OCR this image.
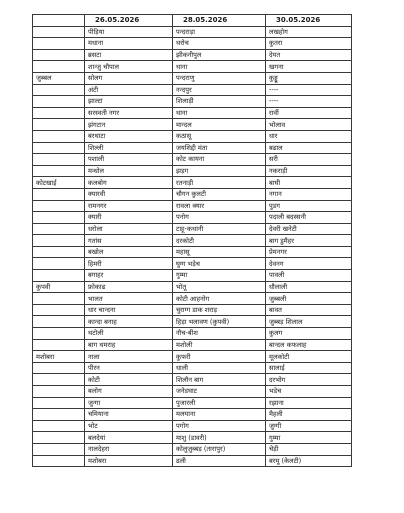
	26.05.2026	28.05.2026	30.05.2026
	पीड़िया	पन्दराड़ा	लखहोग
	मधाना	थरोच	कुतरा
	ब्रसटा	झीकनीपुल	देयत
	शान्जु चौपाल	थाना	खगना
जुब्बल	सोलग	पन्दराणु	कुड्डू
	अंटी	नन्दपुर	----
	झाल्टा	शिलाड़ी	----
	सरस्वती नगर	थाना	रावीं
	झंगटान	मान्दल	भोलाव
	बरथाटा	कठासू	धार
	शिल्ली	जयशिद्दी मंता	बढाल
	पशाली	कोट कायना	सरी
	मन्धोल	झड़ग	नकराड़ी
कोटखाई	कलबोग	रतनाड़ी	बाघी
	क्यारवी	चौगन कुलटी	नगान
	रामनगर	रावला क्यार	पुडग
	क्यारी	पनोग	पदाली बदस्सनी
	धरोला	टाहू-कथानी	देवरी खनेटी
	गतांस	दरकोटी	बाग डुमैहर
	बखोल	महासू	प्रेमनगर
	हिमरी	घुग्ग भड़ेच	देवनग
	बगाहर	गुम्मा	पावली
कुपवी	फ्रोकाढ	भोतू	धौलाली
	भालत	कोटी आहनोग	जुब्बली
	धार चान्दना	चुराग्ग डाक शराड़	बावत
	कान्दा बनाह	हिड़ा भलावण (कुपवी)	जुब्बड़ शिलाल
	थटोली	नौच-बीश	कुलग
	बाग थमराह	मशोली	बान्दल कफलाह
मशोबरा	नाला	कुफरी	मूलकोटी
	पीरन	धाली	सालाई
	कोटी	शिलौन बाग	दरभोग
	बलोग	जनेडघाट	भडेच
	जुन्गा	पुजारली	रझाना
	चमियाना	मलयाना	मैहली
	भोट	पगोग	जुग्गी
	बलदेयां	माशु (डावरी)	गुम्मा
	नालदेहरा	कोलुजुब्बड़ (तारापुर)	चेड़ी
	मशोबरा	ढली	बरमू (केलटी)
